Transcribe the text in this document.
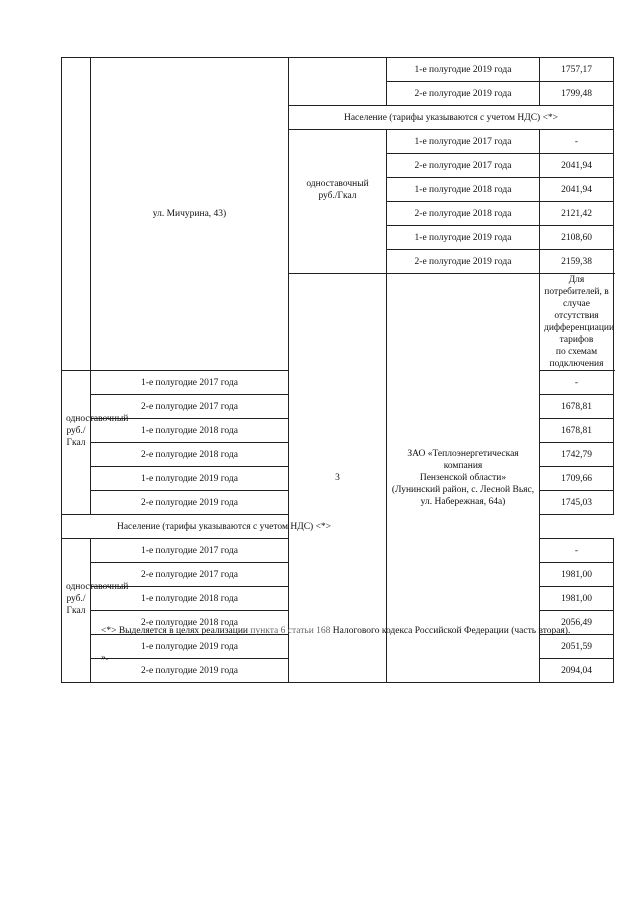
	ул. Мичурина, 43)		1-е полугодие 2019 года	1757,17
			2-е полугодие 2019 года	1799,48
		Население (тарифы указываются с учетом НДС) <*>		
		одноставочный
руб./Гкал	1-е полугодие 2017 года	-
			2-е полугодие 2017 года	2041,94
			1-е полугодие 2018 года	2041,94
			2-е полугодие 2018 года	2121,42
			1-е полугодие 2019 года	2108,60
			2-е полугодие 2019 года	2159,38
		3	ЗАО «Теплоэнергетическая компания
Пензенской области»
(Лунинский район, с. Лесной Вьяс,
ул. Набережная, 64а)	Для потребителей, в случае отсутствия дифференциации тарифов
по схемам подключения
одноставочный
руб./Гкал	1-е полугодие 2017 года			-
	2-е полугодие 2017 года			1678,81
	1-е полугодие 2018 года			1678,81
	2-е полугодие 2018 года			1742,79
	1-е полугодие 2019 года			1709,66
	2-е полугодие 2019 года			1745,03
Население (тарифы указываются с учетом НДС) <*>				
одноставочный
руб./Гкал	1-е полугодие 2017 года			-
	2-е полугодие 2017 года			1981,00
	1-е полугодие 2018 года			1981,00
	2-е полугодие 2018 года			2056,49
	1-е полугодие 2019 года			2051,59
	2-е полугодие 2019 года			2094,04
<*> Выделяется в целях реализации пункта 6 статьи 168 Налогового кодекса Российской Федерации (часть вторая).
».
